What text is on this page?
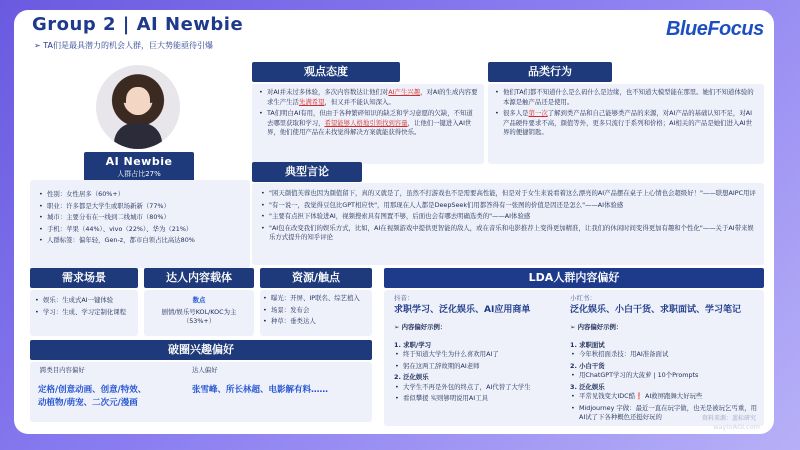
Group 2 | AI Newbie
➢ TA们是最具潜力的机会人群，巨大势能亟待引爆
BlueFocus
AI Newbie
人群占比27%
• 性别：女性居多（60%+）
• 职业：许多都是大学生或职场新新（77%）
• 城市：主要分布在一线到二线城市（80%）
• 手机：苹果（44%）、vivo（22%）、华为（21%）
• 人群标签：偏年轻，Gen-z，都市白领占比高达80%
观点态度
• 对AI并未过多体验，多次内容数达让他们对AI产生兴趣，对AI的生成内容要求生产生活先满希望，但又并不能认知深入。
• TA们明白AI有用，但由于各种繁碎知识的缺乏和学习意愿的欠缺，不知道去哪里获取和学习，希望能够人格地引领找到容量，让他们一键进入AI世界，他们使用产品在未找觉得解决方案就能获得快乐。
品类行为
• 他们TA们都不知道什么是么码什么是边缘，也不知道大模型能在那里。她们不知道体验的本源是触产品还是使用。
• 很多人是第一次了解到类产品和自己能够类产品的来源，对AI产品的基础认知不足，对AI产品硬件要求不高，颜值等外，更多只流行于系列和价格；AI相关的产品是她们进入AI世界的便捷钥匙。
典型言论
• "困天颜值芙蓉也因为颜值留下，真的又就是了，虽然不打游戏也不是需要高性能，但是对于女生来说看着这么漂亮的AI产品摆在桌子上心情也会超级好！"——联想AIPC用评
• "有一说一，我觉得豆包比GPT相应快"，用那现在人人都是DeepSeek们用都答得有一张图的价值是因还是怎么"——AI体验感
• "主要有点担下体验进AI，视频搜索具有图置不够，后面也会有哪去明确选类的"——AI体验感
• "AI包在改变我们的娱乐方式，比如，AI在视频游戏中提供更智能的敌人，或在音乐和电影推荐上变得更加精准，让我们的休闲时间变得更加有趣和个性化"——关于AI带来娱乐方式提升的知乎评论
需求场景
• 娱乐：生成式AI一键体验
• 学习：生成、学习定制化课程
达人内容载体
数点
剧情/娱乐号KOL/KOC为主（53%+）
资源/触点
• 曝光：开屏、IP联名、综艺植入
• 场景：发布会
• 种草：垂类达人
破圈兴趣偏好
跨类目内容偏好
定格/创意动画、创意/特效、
动植物/萌宠、二次元/漫画
达人偏好
张雪峰、所长林超、电影解有料……
LDA人群内容偏好
抖音：
求职学习、泛化娱乐、AI应用商单
➢ 内容偏好示例：
1. 求职/学习
• 终于知道大学生为什么喜欢用AI了
• 躬在这两工辞故期的AI老师
2. 泛化娱乐
• 大学生不再是外包的终点了，AI代替了大学生
• 看似攀援 实则够明说用AI工具
小红书：
泛化娱乐、小白干货、求职面试、学习笔记
➢ 内容偏好示例：
1. 求职面试
• 今年秋招面杀技：用AI准备面试
2. 小白干货
• 用ChatGPT学习的大菠萝 | 10个Prompts
3. 泛化娱乐
• 平常见钱变大IDC酷❗ AI救屏跑舞大好玩些
• Midjourney 字做：最近一直在玩字做，也无是被玩乞丐重，用AI试了下各种概色还挺好玩的	资料来源：蓝标研究
waytoAGI.com
